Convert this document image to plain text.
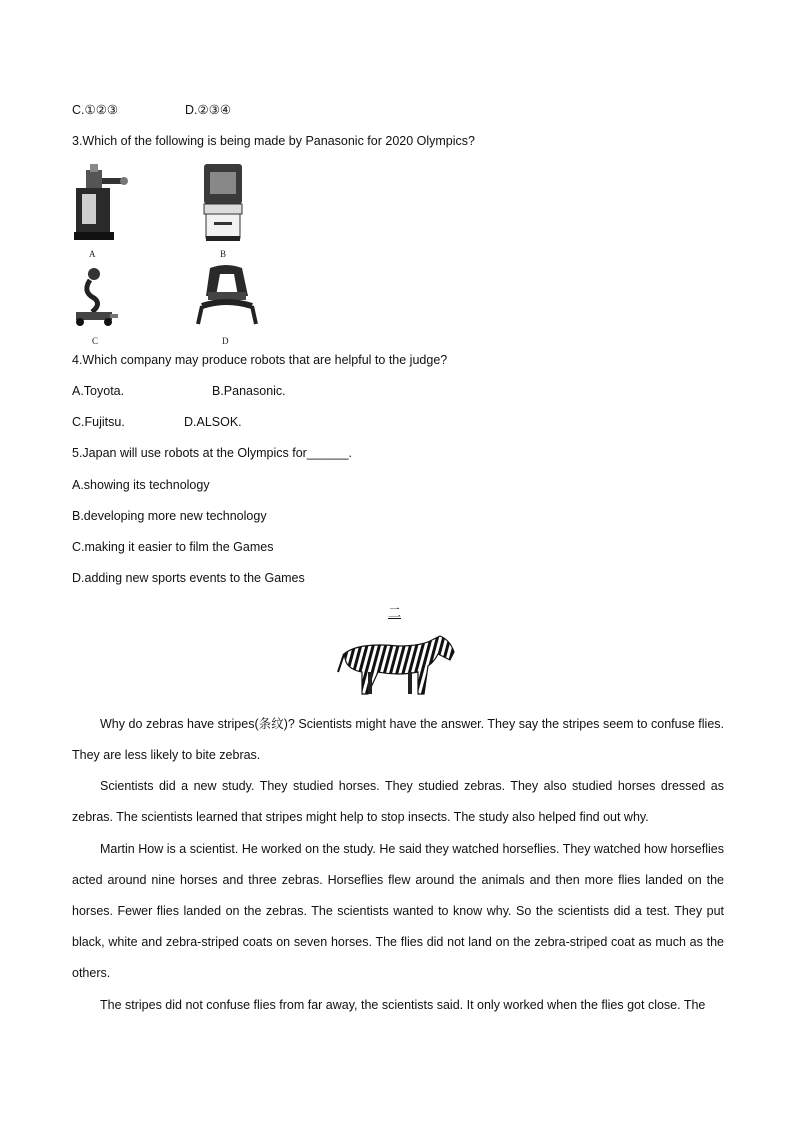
C.①②③	D.②③④
3.Which of the following is being made by Panasonic for 2020 Olympics?
A	B
C	D
4.Which company may produce robots that are helpful to the judge?
A.Toyota.	B.Panasonic.
C.Fujitsu.	D.ALSOK.
5.Japan will use robots at the Olympics for______.
A.showing its technology
B.developing more new technology
C.making it easier to film the Games
D.adding new sports events to the Games
二
Why do zebras have stripes(条纹)? Scientists might have the answer. They say the stripes seem to confuse flies. They are less likely to bite zebras.
Scientists did a new study. They studied horses. They studied zebras. They also studied horses dressed as zebras. The scientists learned that stripes might help to stop insects. The study also helped find out why.
Martin How is a scientist. He worked on the study. He said they watched horseflies. They watched how horseflies acted around nine horses and three zebras. Horseflies flew around the animals and then more flies landed on the horses. Fewer flies landed on the zebras. The scientists wanted to know why. So the scientists did a test. They put black, white and zebra-striped coats on seven horses. The flies did not land on the zebra-striped coat as much as the others.
The stripes did not confuse flies from far away, the scientists said. It only worked when the flies got close. The
